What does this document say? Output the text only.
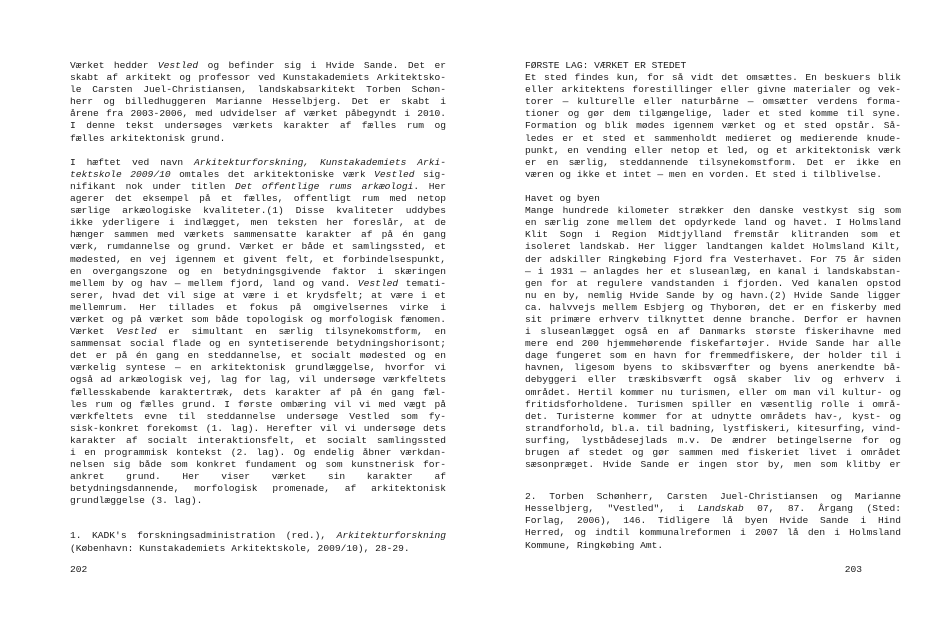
Værket hedder Vestled og befinder sig i Hvide Sande. Det er
skabt af arkitekt og professor ved Kunstakademiets Arkitektsko-
le Carsten Juel-Christiansen, landskabsarkitekt Torben Schøn-
herr og billedhuggeren Marianne Hesselbjerg. Det er skabt i
årene fra 2003-2006, med udvidelser af værket påbegyndt i 2010.
I denne tekst undersøges værkets karakter af fælles rum og
fælles arkitektonisk grund.
I hæftet ved navn Arkitekturforskning, Kunstakademiets Arki-
tektskole 2009/10 omtales det arkitektoniske værk Vestled sig-
nifikant nok under titlen Det offentlige rums arkæologi. Her
agerer det eksempel på et fælles, offentligt rum med netop
særlige arkæologiske kvaliteter.(1) Disse kvaliteter uddybes
ikke yderligere i indlægget, men teksten her foreslår, at de
hænger sammen med værkets sammensatte karakter af på én gang
værk, rumdannelse og grund. Værket er både et samlingssted, et
mødested, en vej igennem et givent felt, et forbindelsespunkt,
en overgangszone og en betydningsgivende faktor i skæringen
mellem by og hav — mellem fjord, land og vand. Vestled temati-
serer, hvad det vil sige at være i et krydsfelt; at være i et
mellemrum. Her tillades et fokus på omgivelsernes virke i
værket og på værket som både topologisk og morfologisk fænomen.
Værket Vestled er simultant en særlig tilsynekomstform, en
sammensat social flade og en syntetiserende betydningshorisont;
det er på én gang en steddannelse, et socialt mødested og en
værkelig syntese — en arkitektonisk grundlæggelse, hvorfor vi
også ad arkæologisk vej, lag for lag, vil undersøge værkfeltets
fællesskabende karaktertræk, dets karakter af på én gang fæl-
les rum og fælles grund. I første ombæring vil vi med vægt på
værkfeltets evne til steddannelse undersøge Vestled som fy-
sisk-konkret forekomst (1. lag). Herefter vil vi undersøge dets
karakter af socialt interaktionsfelt, et socialt samlingssted
i en programmisk kontekst (2. lag). Og endelig åbner værkdan-
nelsen sig både som konkret fundament og som kunstnerisk for-
ankret grund. Her viser værket sin karakter af
betydningsdannende, morfologisk promenade, af arkitektonisk
grundlæggelse (3. lag).
1. KADK's forskningsadministration (red.), Arkitekturforskning
(København: Kunstakademiets Arkitektskole, 2009/10), 28-29.
202
FØRSTE LAG: VÆRKET ER STEDET
Et sted findes kun, for så vidt det omsættes. En beskuers blik
eller arkitektens forestillinger eller givne materialer og vek-
torer — kulturelle eller naturbårne — omsætter verdens forma-
tioner og gør dem tilgængelige, lader et sted komme til syne.
Formation og blik mødes igennem værket og et sted opstår. Så-
ledes er et sted et sammenholdt medieret og medierende knude-
punkt, en vending eller netop et led, og et arkitektonisk værk
er en særlig, steddannende tilsynekomstform. Det er ikke en
væren og ikke et intet — men en vorden. Et sted i tilblivelse.
Havet og byen
Mange hundrede kilometer strækker den danske vestkyst sig som
en særlig zone mellem det opdyrkede land og havet. I Holmsland
Klit Sogn i Region Midtjylland fremstår klitranden som et
isoleret landskab. Her ligger landtangen kaldet Holmsland Kilt,
der adskiller Ringkøbing Fjord fra Vesterhavet. For 75 år siden
— i 1931 — anlagdes her et sluseanlæg, en kanal i landskabstan-
gen for at regulere vandstanden i fjorden. Ved kanalen opstod
nu en by, nemlig Hvide Sande by og havn.(2) Hvide Sande ligger
ca. halvvejs mellem Esbjerg og Thyborøn, det er en fiskerby med
sit primære erhverv tilknyttet denne branche. Derfor er havnen
i sluseanlægget også en af Danmarks største fiskerihavne med
mere end 200 hjemmehørende fiskefartøjer. Hvide Sande har alle
dage fungeret som en havn for fremmedfiskere, der holder til i
havnen, ligesom byens to skibsværfter og byens anerkendte bå-
debyggeri eller træskibsværft også skaber liv og erhverv i
området. Hertil kommer nu turismen, eller om man vil kultur- og
fritidsforholdene. Turismen spiller en væsentlig rolle i områ-
det. Turisterne kommer for at udnytte områdets hav-, kyst- og
strandforhold, bl.a. til badning, lystfiskeri, kitesurfing, vind-
surfing, lystbådesejlads m.v. De ændrer betingelserne for og
brugen af stedet og gør sammen med fiskeriet livet i området
sæsonpræget. Hvide Sande er ingen stor by, men som klitby er
2. Torben Schønherr, Carsten Juel-Christiansen og Marianne
Hesselbjerg, "Vestled", i Landskab 07, 87. Årgang (Sted:
Forlag, 2006), 146. Tidligere lå byen Hvide Sande i Hind
Herred, og indtil kommunalreformen i 2007 lå den i Holmsland
Kommune, Ringkøbing Amt.
203
